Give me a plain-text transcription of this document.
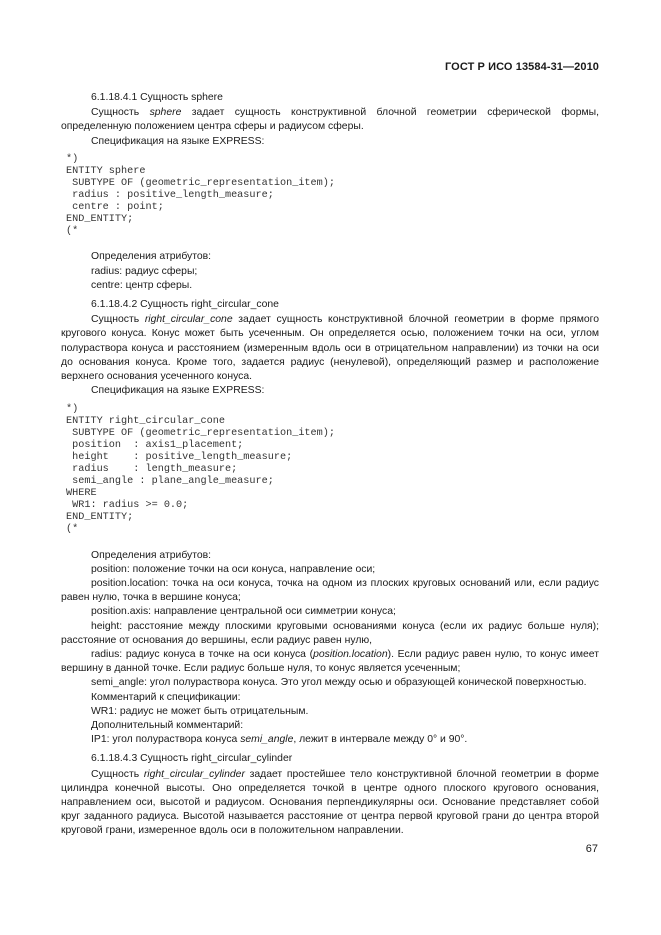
ГОСТ Р ИСО 13584-31—2010

6.1.18.4.1 Сущность sphere

Сущность sphere задает сущность конструктивной блочной геометрии сферической формы, определенную положением центра сферы и радиусом сферы.

Спецификация на языке EXPRESS:

*)
ENTITY sphere
SUBTYPE OF (geometric_representation_item);
radius : positive_length_measure;
centre : point;
END_ENTITY;
(*

Определения атрибутов:

radius: радиус сферы;

centre: центр сферы.

6.1.18.4.2 Сущность right_circular_cone

Сущность right_circular_cone задает сущность конструктивной блочной геометрии в форме прямого кругового конуса. Конус может быть усеченным. Он определяется осью, положением точки на оси, углом полураствора конуса и расстоянием (измеренным вдоль оси в отрицательном направлении) из точки на оси до основания конуса. Кроме того, задается радиус (ненулевой), определяющий размер и расположение верхнего основания усеченного конуса.

Спецификация на языке EXPRESS:

*)
ENTITY right_circular_cone
SUBTYPE OF (geometric_representation_item);
position  : axis1_placement;
height    : positive_length_measure;
radius    : length_measure;
semi_angle : plane_angle_measure;
WHERE
WR1: radius >= 0.0;
END_ENTITY;
(*

Определения атрибутов:

position: положение точки на оси конуса, направление оси;

position.location: точка на оси конуса, точка на одном из плоских круговых оснований или, если радиус равен нулю, точка в вершине конуса;

position.axis: направление центральной оси симметрии конуса;

height: расстояние между плоскими круговыми основаниями конуса (если их радиус больше нуля); расстояние от основания до вершины, если радиус равен нулю,

radius: радиус конуса в точке на оси конуса (position.location). Если радиус равен нулю, то конус имеет вершину в данной точке. Если радиус больше нуля, то конус является усеченным;

semi_angle: угол полураствора конуса. Это угол между осью и образующей конической поверхностью.

Комментарий к спецификации:

WR1: радиус не может быть отрицательным.

Дополнительный комментарий:

IP1: угол полураствора конуса semi_angle, лежит в интервале между 0° и 90°.

6.1.18.4.3 Сущность right_circular_cylinder

Сущность right_circular_cylinder задает простейшее тело конструктивной блочной геометрии в форме цилиндра конечной высоты. Оно определяется точкой в центре одного плоского кругового основания, направлением оси, высотой и радиусом. Основания перпендикулярны оси. Основание представляет собой круг заданного радиуса. Высотой называется расстояние от центра первой круговой грани до центра второй круговой грани, измеренное вдоль оси в положительном направлении.

67
